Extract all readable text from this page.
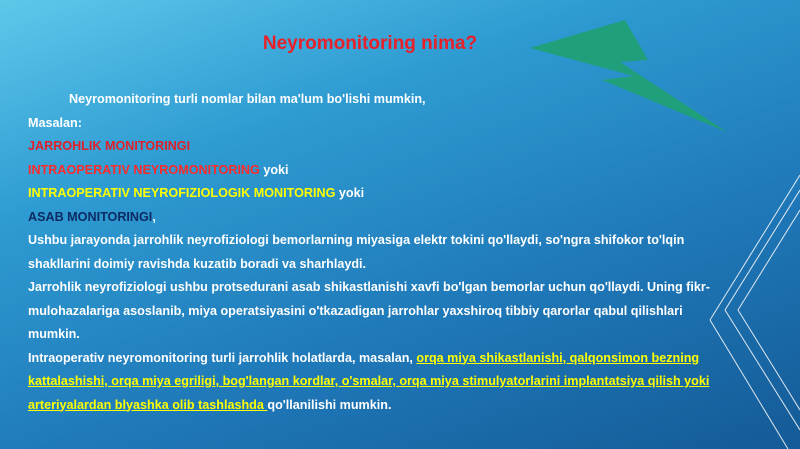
Neyromonitoring nima?

Neyromonitoring turli nomlar bilan ma'lum bo'lishi mumkin,

Masalan:

JARROHLIK MONITORINGI

INTRAOPERATIV NEYROMONITORING yoki

INTRAOPERATIV NEYROFIZIOLOGIK MONITORING yoki

ASAB MONITORINGI,

Ushbu jarayonda jarrohlik neyrofiziologi bemorlarning miyasiga elektr tokini qo'llaydi, so'ngra shifokor to'lqin shakllarini doimiy ravishda kuzatib boradi va sharhlaydi.

Jarrohlik neyrofiziologi ushbu protsedurani asab shikastlanishi xavfi bo'lgan bemorlar uchun qo'llaydi. Uning fikr-mulohazalariga asoslanib, miya operatsiyasini o'tkazadigan jarrohlar yaxshiroq tibbiy qarorlar qabul qilishlari mumkin.

Intraoperativ neyromonitoring turli jarrohlik holatlarda, masalan, orqa miya shikastlanishi, qalqonsimon bezning kattalashishi, orqa miya egriligi, bog'langan kordlar, o'smalar, orqa miya stimulyatorlarini implantatsiya qilish yoki arteriyalardan blyashka olib tashlashda qo'llanilishi mumkin.
